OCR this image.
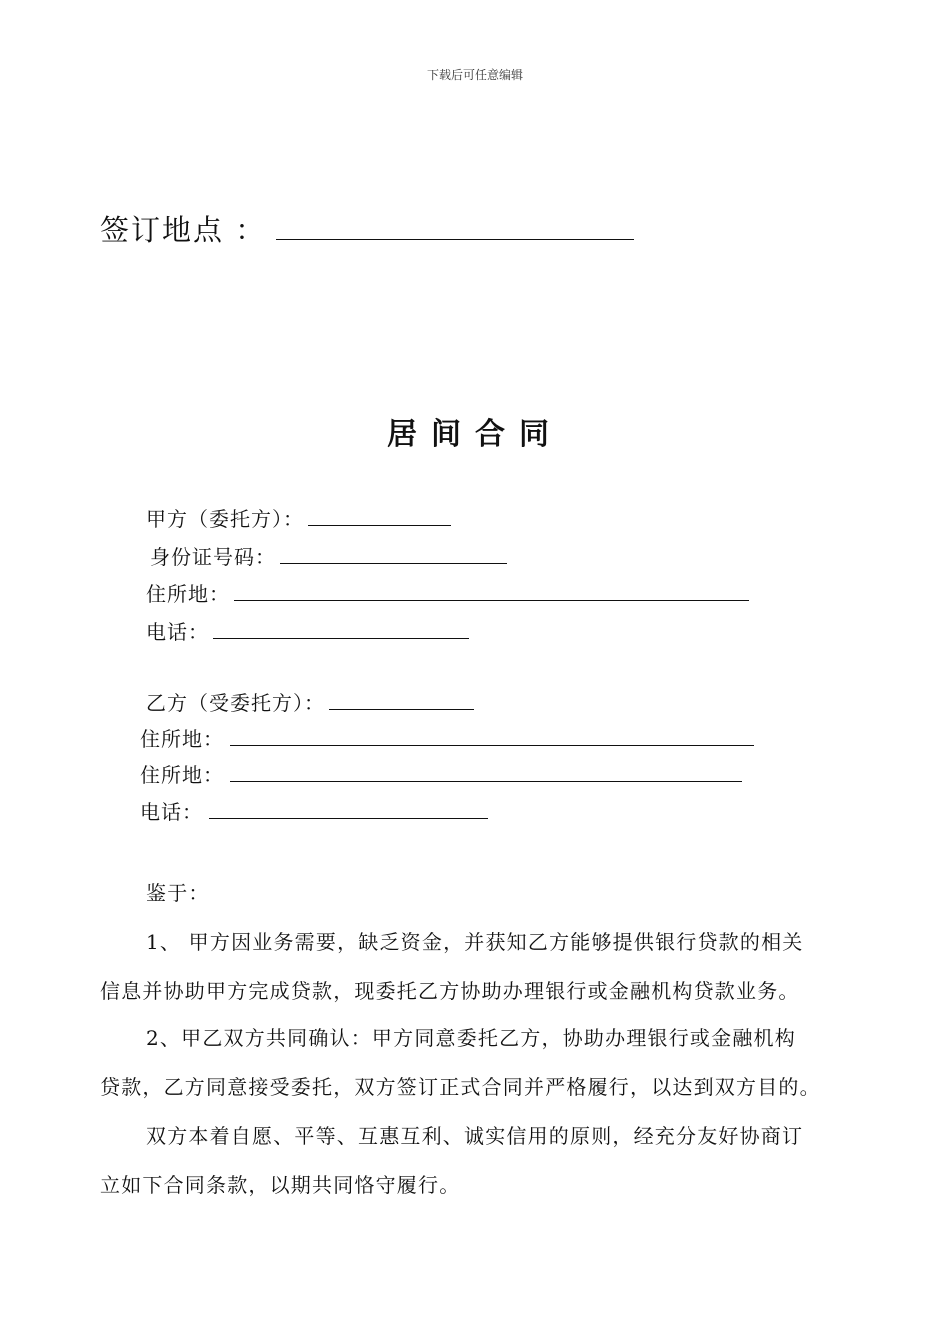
下载后可任意编辑
签订地点 ：
居间合同
甲方（委托方）：
身份证号码：
住所地：
电话：
乙方（受委托方）：
住所地：
住所地：
电话：
鉴于：
1、 甲方因业务需要，缺乏资金，并获知乙方能够提供银行贷款的相关
信息并协助甲方完成贷款，现委托乙方协助办理银行或金融机构贷款业务。
2、甲乙双方共同确认：甲方同意委托乙方，协助办理银行或金融机构
贷款，乙方同意接受委托，双方签订正式合同并严格履行，以达到双方目的。
双方本着自愿、平等、互惠互利、诚实信用的原则，经充分友好协商订
立如下合同条款，以期共同恪守履行。
